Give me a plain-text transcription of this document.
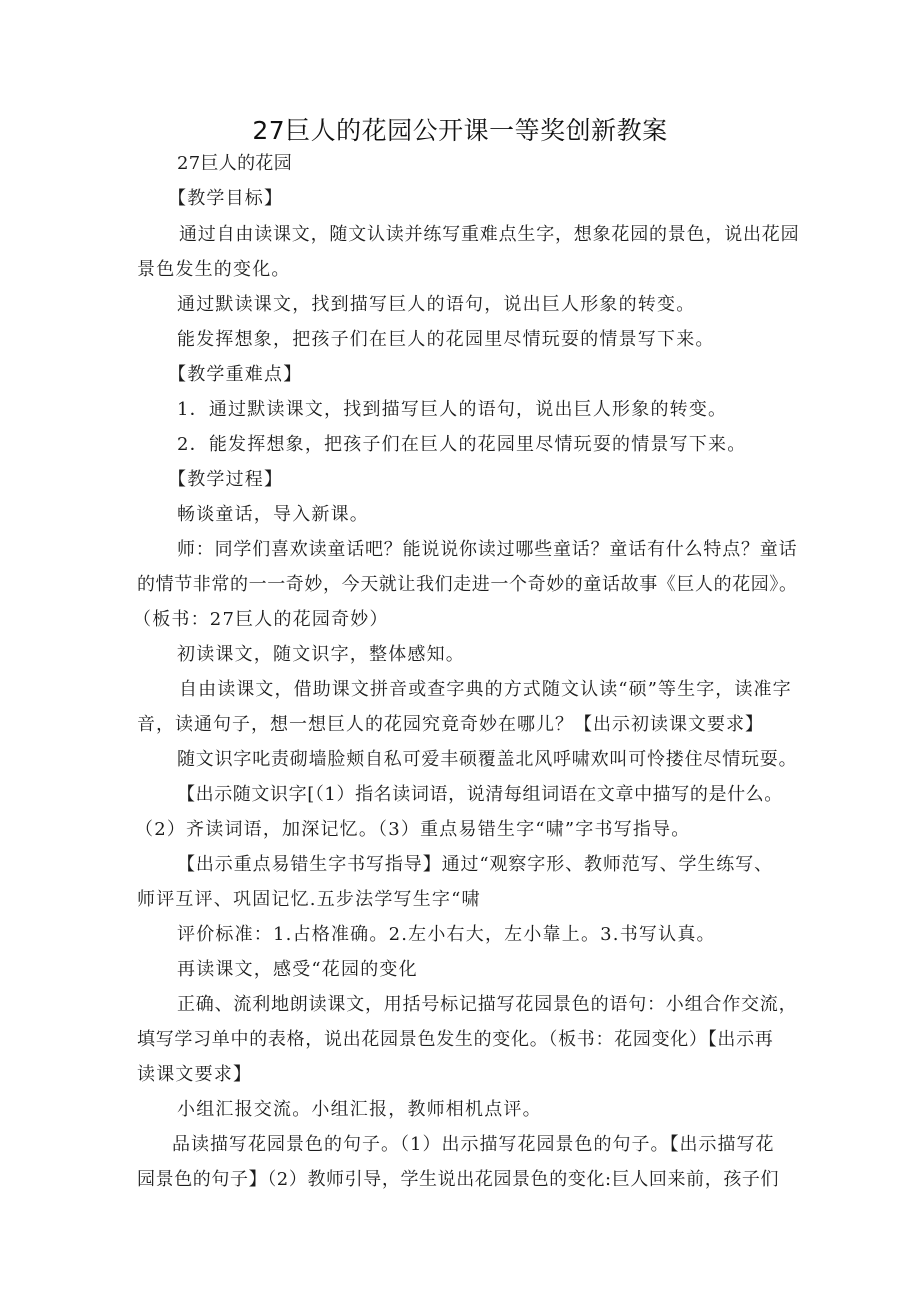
27巨人的花园公开课一等奖创新教案
27巨人的花园
【教学目标】
通过自由读课文，随文认读并练写重难点生字，想象花园的景色，说出花园
景色发生的变化。
通过默读课文，找到描写巨人的语句，说出巨人形象的转变。
能发挥想象，把孩子们在巨人的花园里尽情玩耍的情景写下来。
【教学重难点】
1．通过默读课文，找到描写巨人的语句，说出巨人形象的转变。
2．能发挥想象，把孩子们在巨人的花园里尽情玩耍的情景写下来。
【教学过程】
畅谈童话，导入新课。
师：同学们喜欢读童话吧？能说说你读过哪些童话？童话有什么特点？童话
的情节非常的一一奇妙，今天就让我们走进一个奇妙的童话故事《巨人的花园》。
（板书：27巨人的花园奇妙）
初读课文，随文识字，整体感知。
自由读课文，借助课文拼音或查字典的方式随文认读“硕”等生字，读准字
音，读通句子，想一想巨人的花园究竟奇妙在哪儿？【出示初读课文要求】
随文识字叱责砌墙脸颊自私可爱丰硕覆盖北风呼啸欢叫可怜搂住尽情玩耍。
【出示随文识字[（1）指名读词语，说清每组词语在文章中描写的是什么。
（2）齐读词语，加深记忆。（3）重点易错生字“啸”字书写指导。
【出示重点易错生字书写指导】通过“观察字形、教师范写、学生练写、
师评互评、巩固记忆.五步法学写生字“啸
评价标准：1.占格准确。2.左小右大，左小靠上。3.书写认真。
再读课文，感受“花园的变化
正确、流利地朗读课文，用括号标记描写花园景色的语句：小组合作交流，
填写学习单中的表格，说出花园景色发生的变化。（板书：花园变化）【出示再
读课文要求】
小组汇报交流。小组汇报，教师相机点评。
品读描写花园景色的句子。（1）出示描写花园景色的句子。【出示描写花
园景色的句子】（2）教师引导，学生说出花园景色的变化:巨人回来前，孩子们
